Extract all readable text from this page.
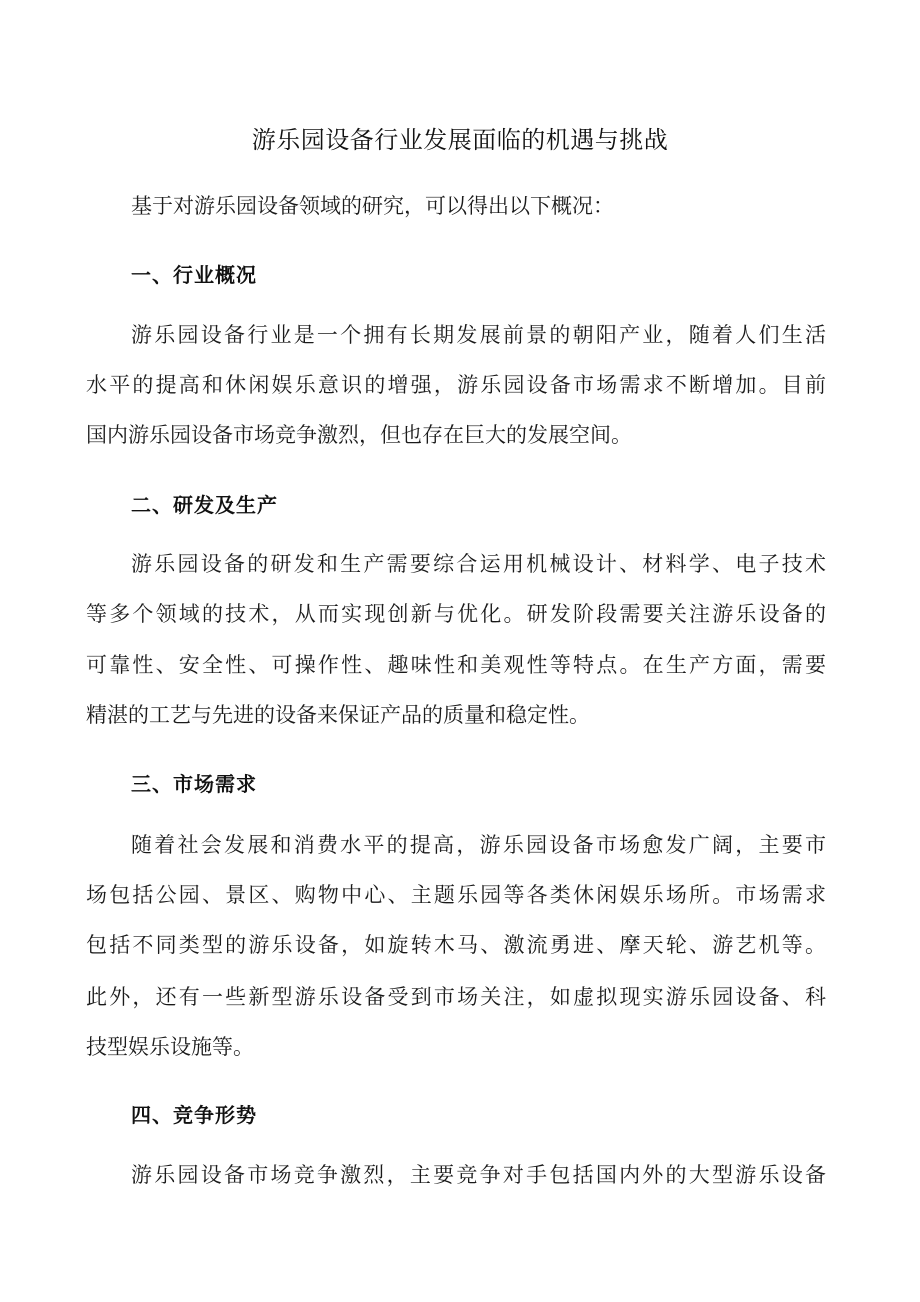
游乐园设备行业发展面临的机遇与挑战
基于对游乐园设备领域的研究，可以得出以下概况：
一、行业概况
游乐园设备行业是一个拥有长期发展前景的朝阳产业，随着人们生活
水平的提高和休闲娱乐意识的增强，游乐园设备市场需求不断增加。目前
国内游乐园设备市场竞争激烈，但也存在巨大的发展空间。
二、研发及生产
游乐园设备的研发和生产需要综合运用机械设计、材料学、电子技术
等多个领域的技术，从而实现创新与优化。研发阶段需要关注游乐设备的
可靠性、安全性、可操作性、趣味性和美观性等特点。在生产方面，需要
精湛的工艺与先进的设备来保证产品的质量和稳定性。
三、市场需求
随着社会发展和消费水平的提高，游乐园设备市场愈发广阔，主要市
场包括公园、景区、购物中心、主题乐园等各类休闲娱乐场所。市场需求
包括不同类型的游乐设备，如旋转木马、激流勇进、摩天轮、游艺机等。
此外，还有一些新型游乐设备受到市场关注，如虚拟现实游乐园设备、科
技型娱乐设施等。
四、竞争形势
游乐园设备市场竞争激烈，主要竞争对手包括国内外的大型游乐设备
